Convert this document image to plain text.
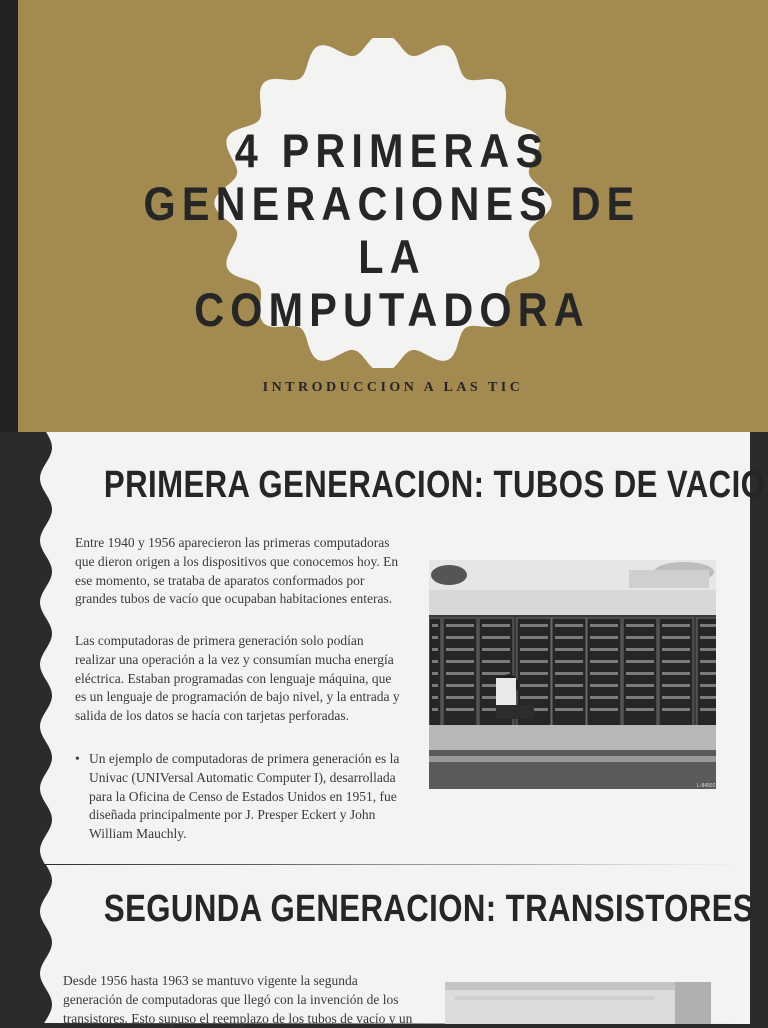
4 PRIMERAS
GENERACIONES DE LA
COMPUTADORA
INTRODUCCION A LAS TIC
PRIMERA GENERACION: TUBOS DE VACIO
Entre 1940 y 1956 aparecieron las primeras computadoras que dieron origen a los dispositivos que conocemos hoy. En ese momento, se trataba de aparatos conformados por grandes tubos de vacío que ocupaban habitaciones enteras.
Las computadoras de primera generación solo podían realizar una operación a la vez y consumían mucha energía eléctrica. Estaban programadas con lenguaje máquina, que es un lenguaje de programación de bajo nivel, y la entrada y salida de los datos se hacía con tarjetas perforadas.
• Un ejemplo de computadoras de primera generación es la Univac (UNIVersal Automatic Computer I), desarrollada para la Oficina de Censo de Estados Unidos en 1951, fue diseñada principalmente por J. Presper Eckert y John William Mauchly.
L-84502
SEGUNDA GENERACION: TRANSISTORES
Desde 1956 hasta 1963 se mantuvo vigente la segunda generación de computadoras que llegó con la invención de los transistores. Esto supuso el reemplazo de los tubos de vacío y un
